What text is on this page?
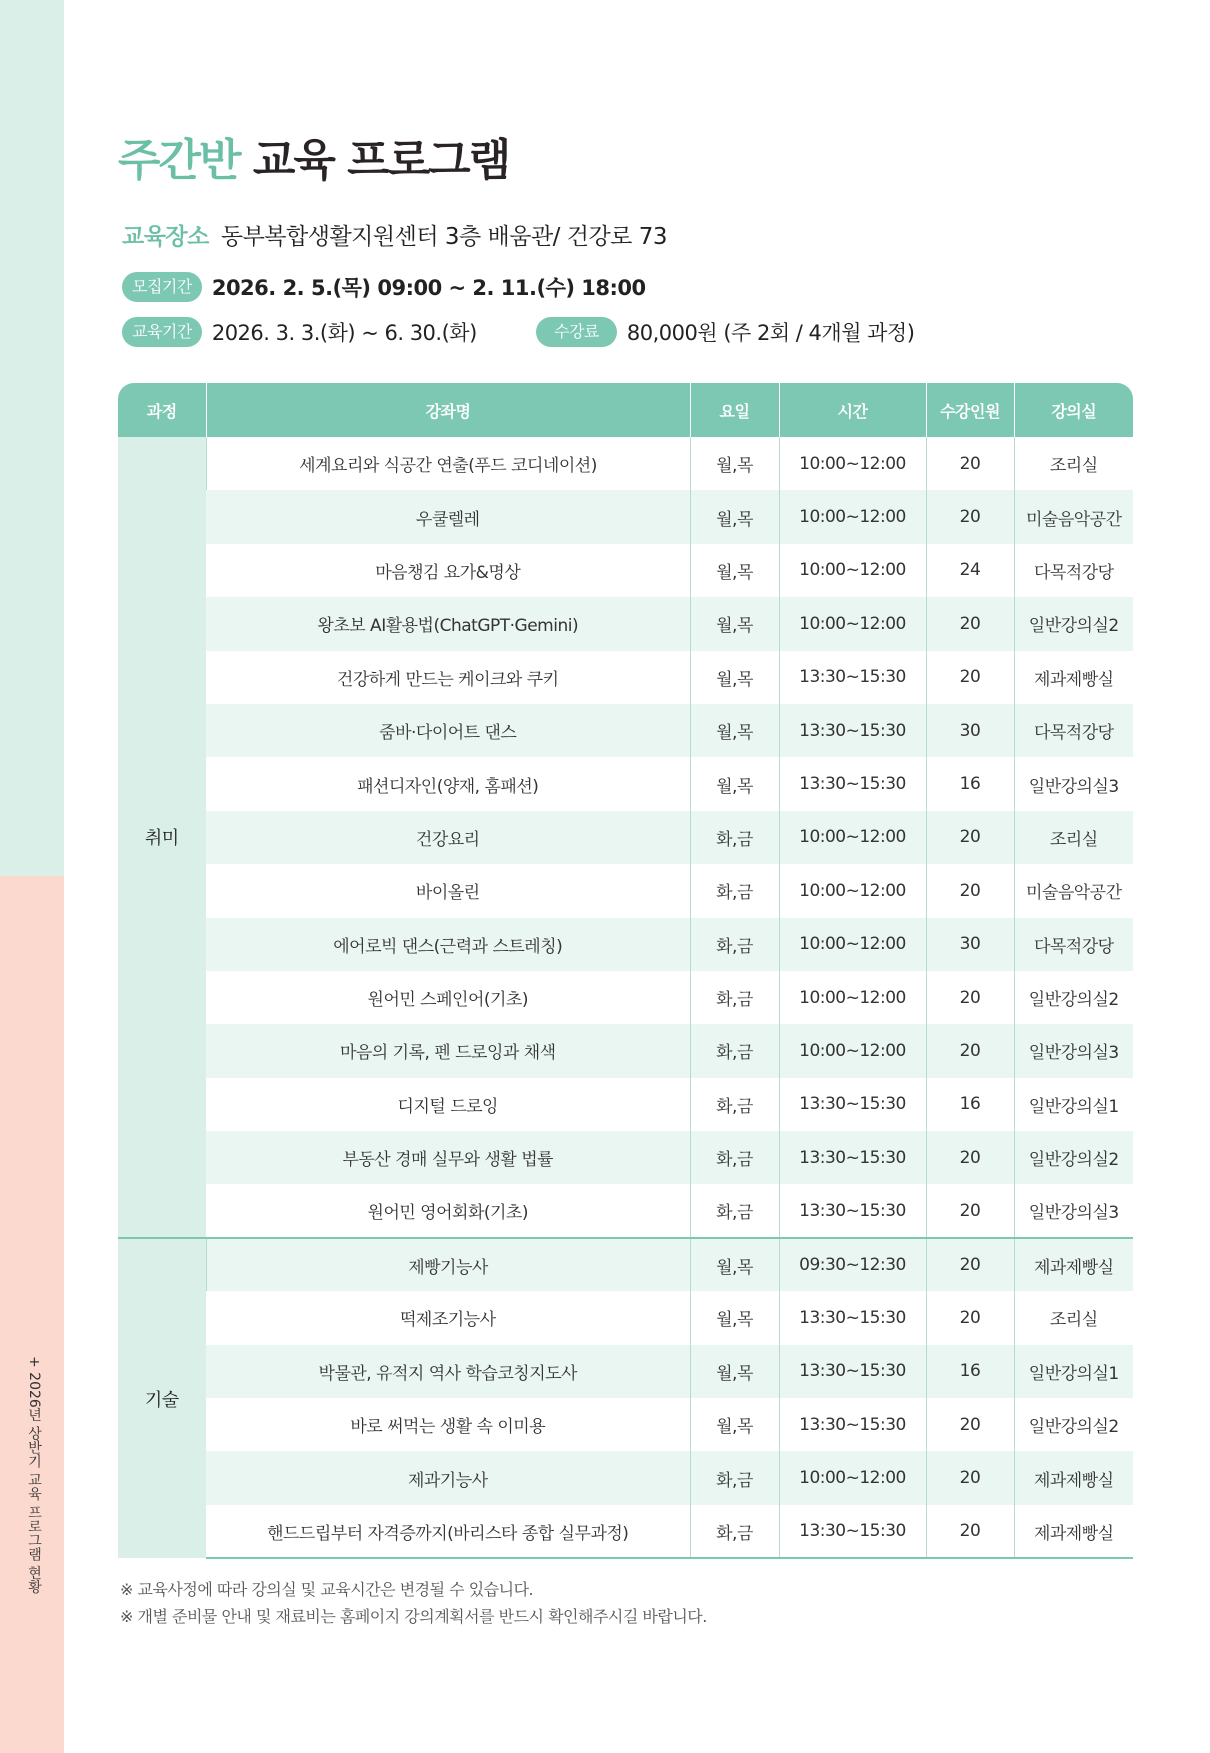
+ 2026년 상반기 교육 프로그램 현황
주간반 교육 프로그램
교육장소 동부복합생활지원센터 3층 배움관/ 건강로 73
모집기간 2026. 2. 5.(목) 09:00 ~ 2. 11.(수) 18:00
교육기간 2026. 3. 3.(화) ~ 6. 30.(화)	수강료	80,000원 (주 2회 / 4개월 과정)
과정	강좌명	요일	시간	수강인원	강의실
취미	세계요리와 식공간 연출(푸드 코디네이션)	월,목	10:00~12:00	20	조리실
	우쿨렐레	월,목	10:00~12:00	20	미술음악공간
	마음챙김 요가&명상	월,목	10:00~12:00	24	다목적강당
	왕초보 AI활용법(ChatGPT·Gemini)	월,목	10:00~12:00	20	일반강의실2
	건강하게 만드는 케이크와 쿠키	월,목	13:30~15:30	20	제과제빵실
	줌바·다이어트 댄스	월,목	13:30~15:30	30	다목적강당
	패션디자인(양재, 홈패션)	월,목	13:30~15:30	16	일반강의실3
	건강요리	화,금	10:00~12:00	20	조리실
	바이올린	화,금	10:00~12:00	20	미술음악공간
	에어로빅 댄스(근력과 스트레칭)	화,금	10:00~12:00	30	다목적강당
	원어민 스페인어(기초)	화,금	10:00~12:00	20	일반강의실2
	마음의 기록, 펜 드로잉과 채색	화,금	10:00~12:00	20	일반강의실3
	디지털 드로잉	화,금	13:30~15:30	16	일반강의실1
	부동산 경매 실무와 생활 법률	화,금	13:30~15:30	20	일반강의실2
	원어민 영어회화(기초)	화,금	13:30~15:30	20	일반강의실3
기술	제빵기능사	월,목	09:30~12:30	20	제과제빵실
	떡제조기능사	월,목	13:30~15:30	20	조리실
	박물관, 유적지 역사 학습코칭지도사	월,목	13:30~15:30	16	일반강의실1
	바로 써먹는 생활 속 이미용	월,목	13:30~15:30	20	일반강의실2
	제과기능사	화,금	10:00~12:00	20	제과제빵실
	핸드드립부터 자격증까지(바리스타 종합 실무과정)	화,금	13:30~15:30	20	제과제빵실
※ 교육사정에 따라 강의실 및 교육시간은 변경될 수 있습니다.
※ 개별 준비물 안내 및 재료비는 홈페이지 강의계획서를 반드시 확인해주시길 바랍니다.
